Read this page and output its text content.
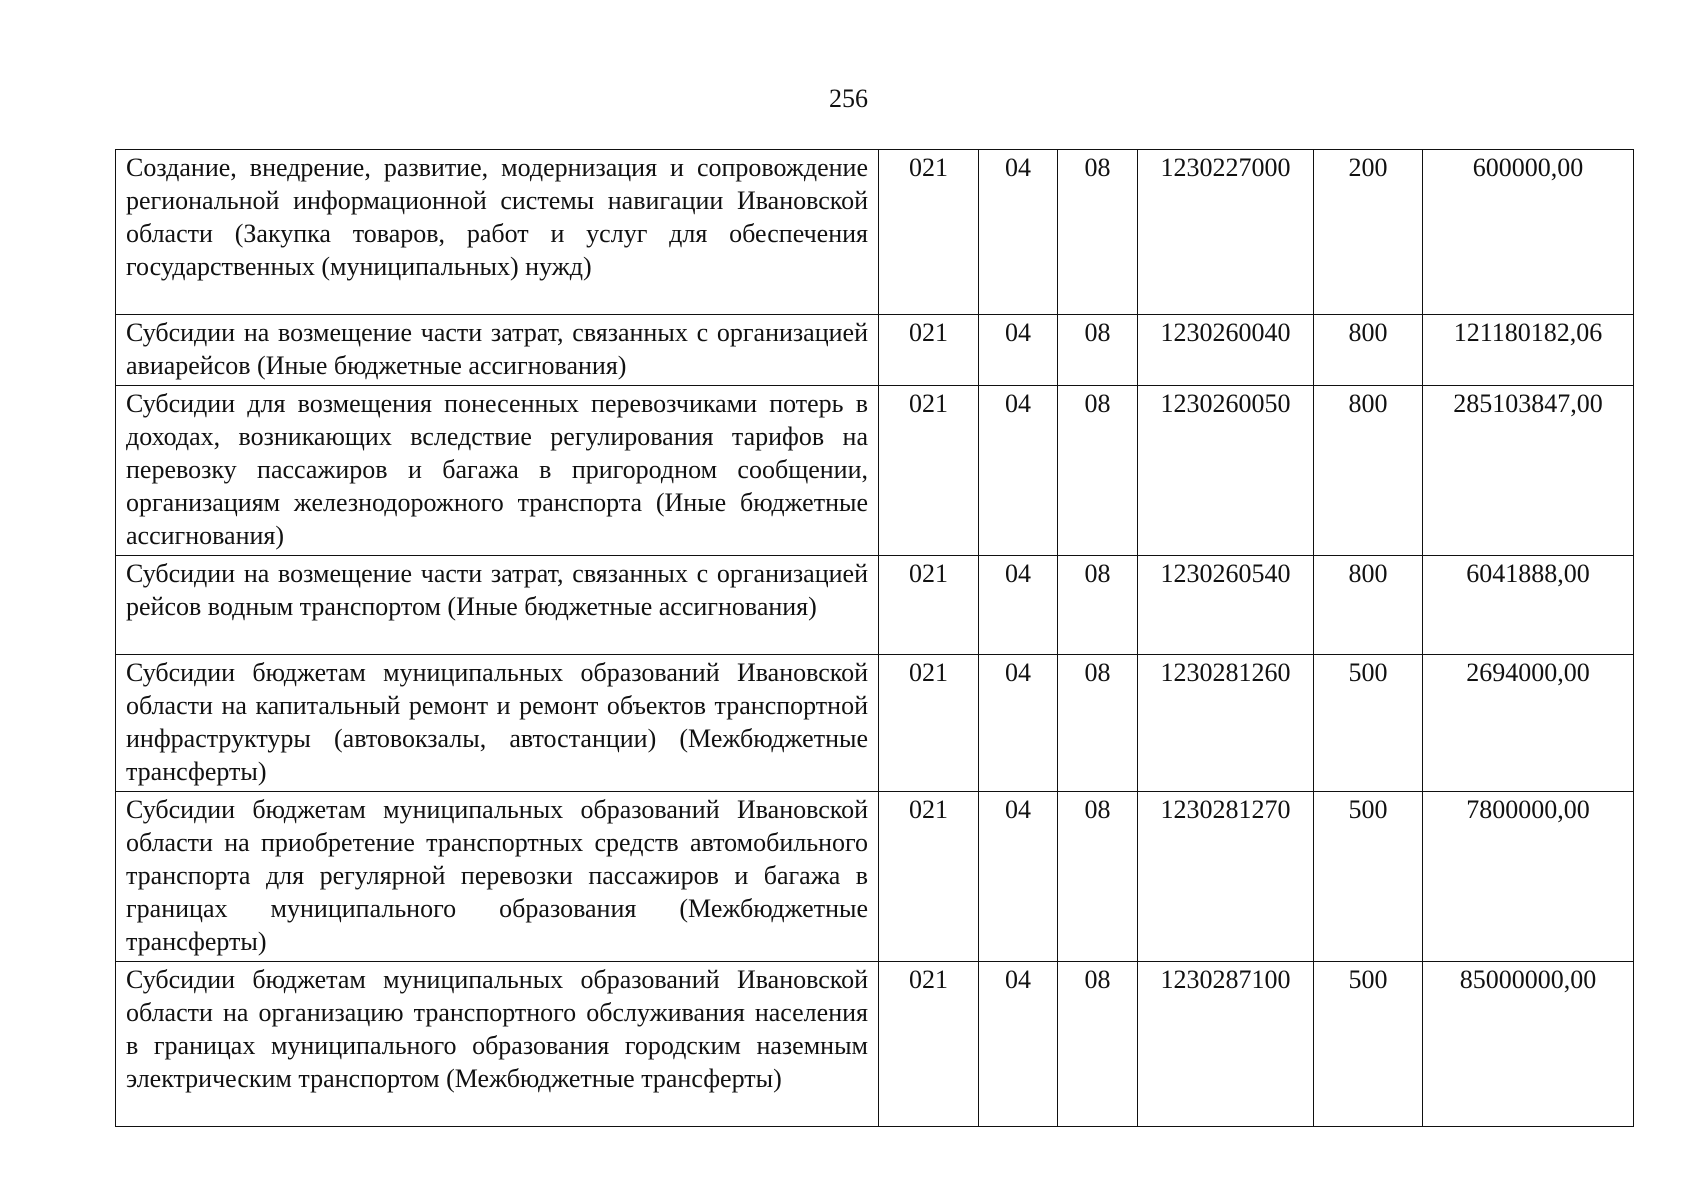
256
Создание, внедрение, развитие, модернизация и сопровождение региональной информационной системы навигации Ивановской области (Закупка товаров, работ и услуг для обеспечения государственных (муниципальных) нужд)	021	04	08	1230227000	200	600000,00
Субсидии на возмещение части затрат, связанных с организацией авиарейсов (Иные бюджетные ассигнования)	021	04	08	1230260040	800	121180182,06
Субсидии для возмещения понесенных перевозчиками потерь в доходах, возникающих вследствие регулирования тарифов на перевозку пассажиров и багажа в пригородном сообщении, организациям железнодорожного транспорта (Иные бюджетные ассигнования)	021	04	08	1230260050	800	285103847,00
Субсидии на возмещение части затрат, связанных с организацией рейсов водным транспортом (Иные бюджетные ассигнования)	021	04	08	1230260540	800	6041888,00
Субсидии бюджетам муниципальных образований Ивановской области на капитальный ремонт и ремонт объектов транспортной инфраструктуры (автовокзалы, автостанции) (Межбюджетные трансферты)	021	04	08	1230281260	500	2694000,00
Субсидии бюджетам муниципальных образований Ивановской области на приобретение транспортных средств автомобильного транспорта для регулярной перевозки пассажиров и багажа в границах муниципального образования (Межбюджетные трансферты)	021	04	08	1230281270	500	7800000,00
Субсидии бюджетам муниципальных образований Ивановской области на организацию транспортного обслуживания населения в границах муниципального образования городским наземным электрическим транспортом (Межбюджетные трансферты)	021	04	08	1230287100	500	85000000,00
